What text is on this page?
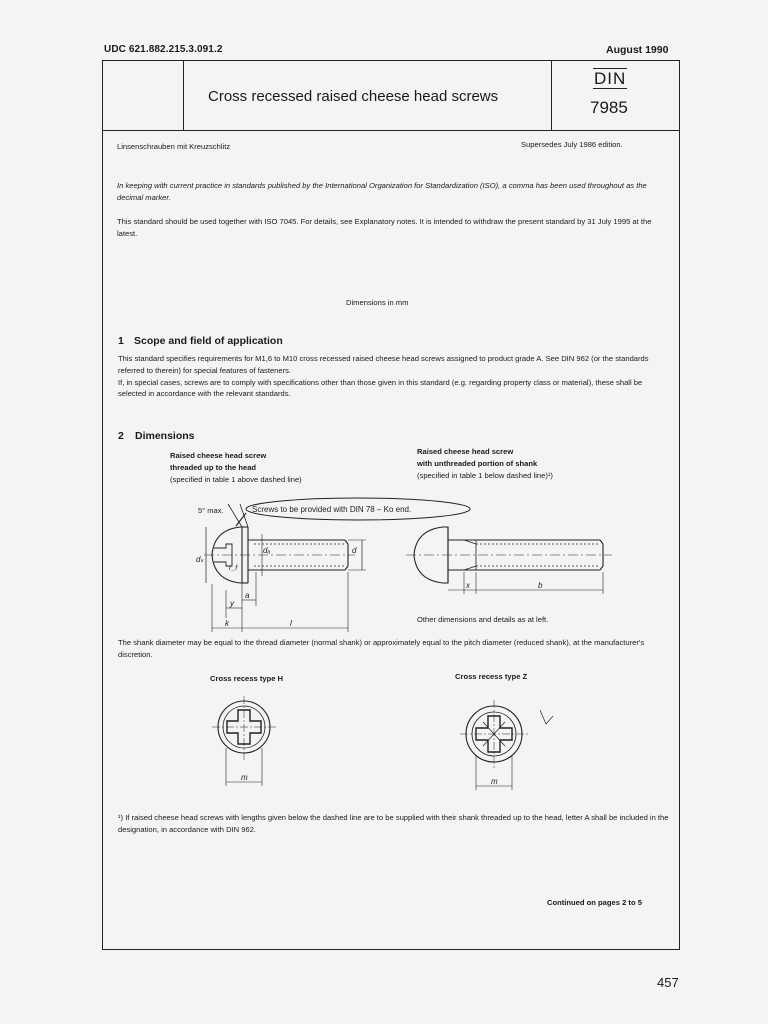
UDC 621.882.215.3.091.2	August 1990
Cross recessed raised cheese head screws
DIN
7985
Linsenschrauben mit Kreuzschlitz	Supersedes July 1986 edition.
In keeping with current practice in standards published by the International Organization for Standardization (ISO), a comma has been used throughout as the decimal marker.
This standard should be used together with ISO 7045. For details, see Explanatory notes. It is intended to withdraw the present standard by 31 July 1995 at the latest.
Dimensions in mm
1 Scope and field of application
This standard specifies requirements for M1,6 to M10 cross recessed raised cheese head screws assigned to product grade A. See DIN 962 (or the standards referred to therein) for special features of fasteners.
If, in special cases, screws are to comply with specifications other than those given in this standard (e.g. regarding property class or material), these shall be selected in accordance with the relevant standards.
2 Dimensions
Raised cheese head screw
threaded up to the head
(specified in table 1 above dashed line)
Raised cheese head screw
with unthreaded portion of shank
(specified in table 1 below dashed line)¹)
Screws to be provided with DIN 78 – Ko end.
5° max.
dₖ
dₐ
r_f
d
y
a
k	l
x	b
m	m
Other dimensions and details as at left.
The shank diameter may be equal to the thread diameter (normal shank) or approximately equal to the pitch diameter (reduced shank), at the manufacturer's discretion.
Cross recess type H	Cross recess type Z
¹) If raised cheese head screws with lengths given below the dashed line are to be supplied with their shank threaded up to the head, letter A shall be included in the designation, in accordance with DIN 962.
Continued on pages 2 to 5
457
